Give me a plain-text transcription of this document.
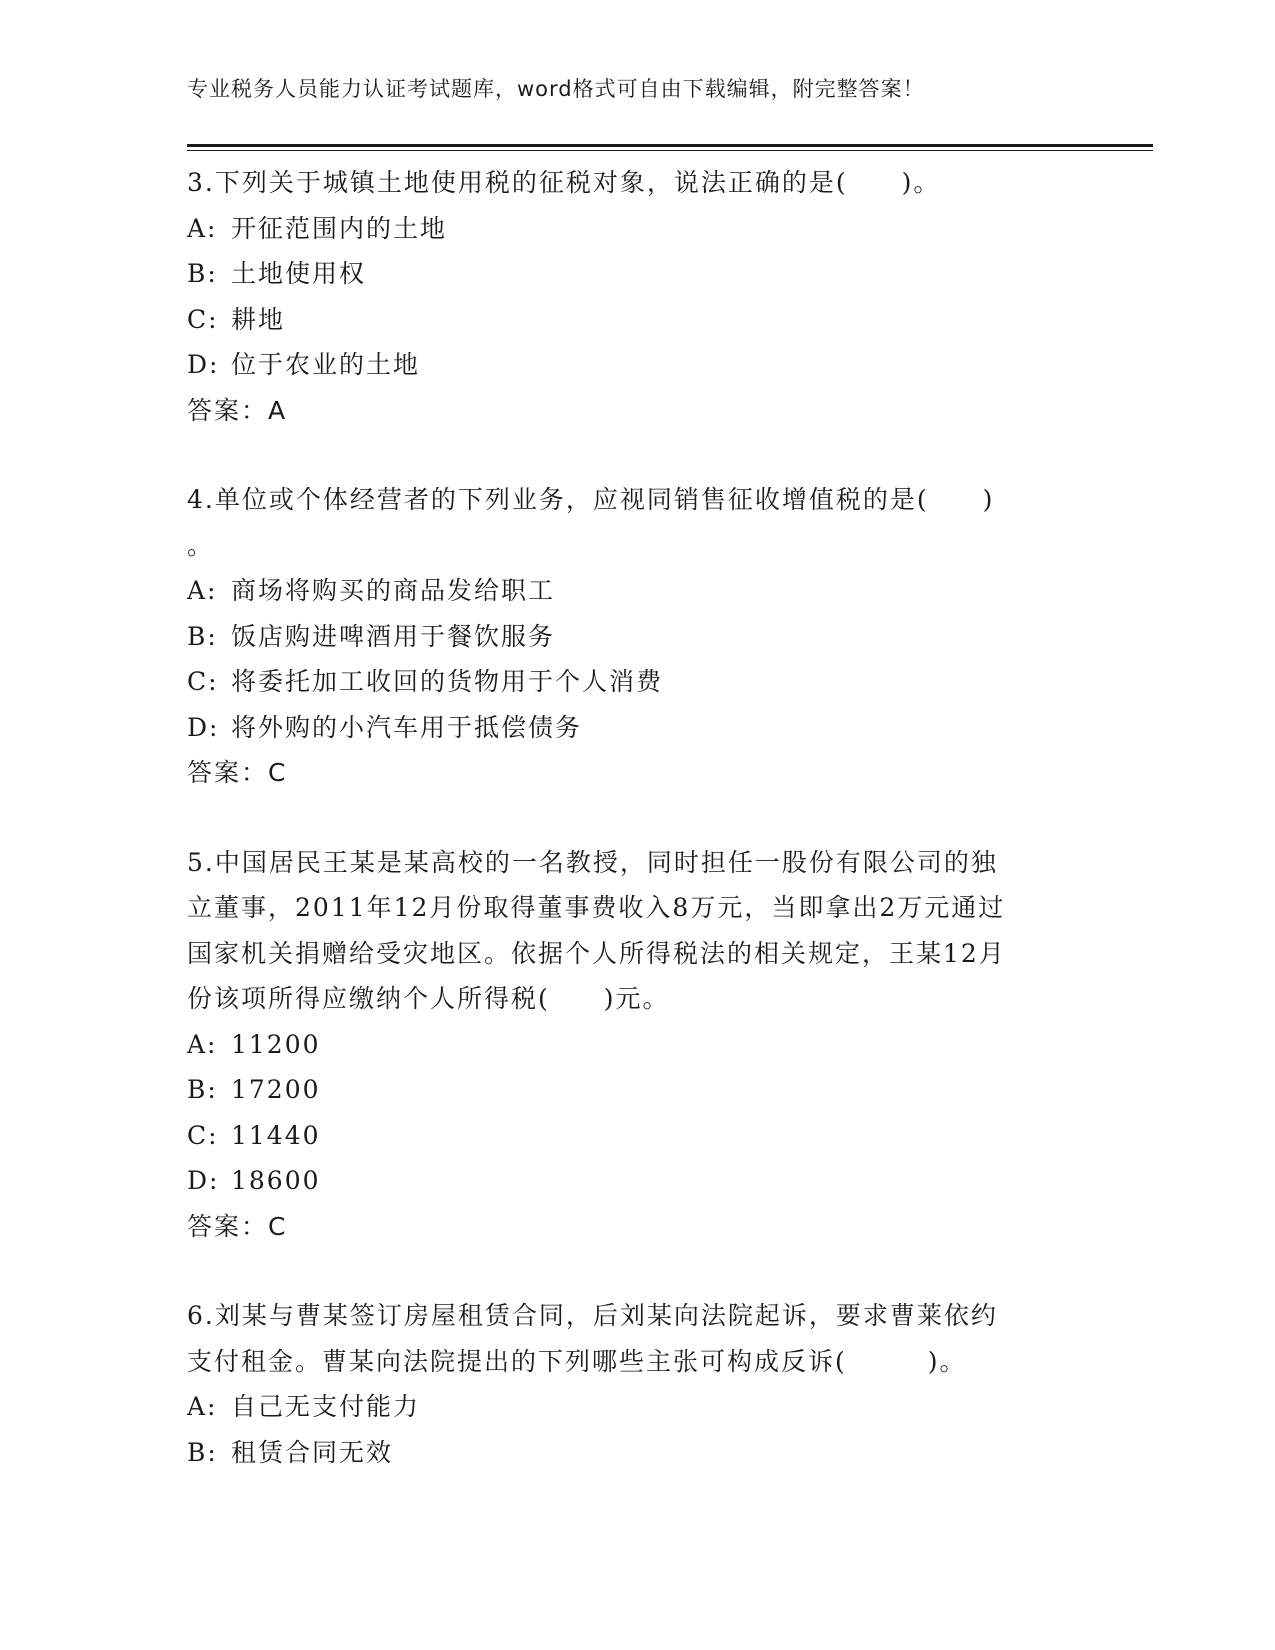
专业税务人员能力认证考试题库，word格式可自由下载编辑，附完整答案！
3.下列关于城镇土地使用税的征税对象，说法正确的是(　　)。
A: 开征范围内的土地
B: 土地使用权
C: 耕地
D: 位于农业的土地
答案：A
4.单位或个体经营者的下列业务，应视同销售征收增值税的是(　　)
。
A: 商场将购买的商品发给职工
B: 饭店购进啤酒用于餐饮服务
C: 将委托加工收回的货物用于个人消费
D: 将外购的小汽车用于抵偿债务
答案：C
5.中国居民王某是某高校的一名教授，同时担任一股份有限公司的独
立董事，2011年12月份取得董事费收入8万元，当即拿出2万元通过
国家机关捐赠给受灾地区。依据个人所得税法的相关规定，王某12月
份该项所得应缴纳个人所得税(　　)元。
A: 11200
B: 17200
C: 11440
D: 18600
答案：C
6.刘某与曹某签订房屋租赁合同，后刘某向法院起诉，要求曹莱依约
支付租金。曹某向法院提出的下列哪些主张可构成反诉(　　　)。
A: 自己无支付能力
B: 租赁合同无效
